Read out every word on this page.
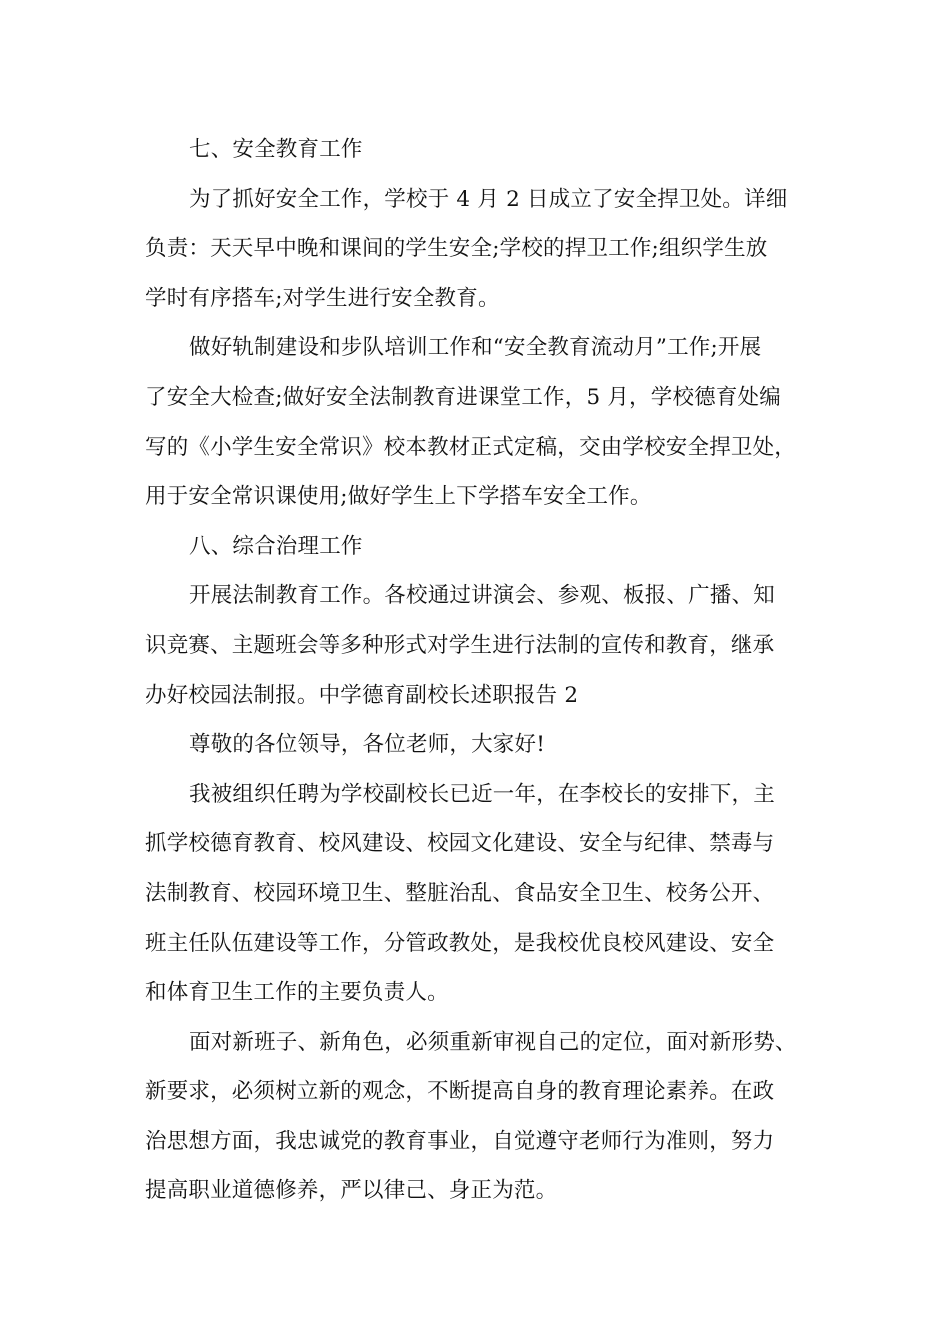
七、安全教育工作
为了抓好安全工作，学校于 4 月 2 日成立了安全捍卫处。详细
负责：天天早中晚和课间的学生安全;学校的捍卫工作;组织学生放
学时有序搭车;对学生进行安全教育。
做好轨制建设和步队培训工作和“安全教育流动月”工作;开展
了安全大检查;做好安全法制教育进课堂工作，5 月，学校德育处编
写的《小学生安全常识》校本教材正式定稿，交由学校安全捍卫处，
用于安全常识课使用;做好学生上下学搭车安全工作。
八、综合治理工作
开展法制教育工作。各校通过讲演会、参观、板报、广播、知
识竞赛、主题班会等多种形式对学生进行法制的宣传和教育，继承
办好校园法制报。中学德育副校长述职报告 2
尊敬的各位领导，各位老师，大家好!
我被组织任聘为学校副校长已近一年，在李校长的安排下，主
抓学校德育教育、校风建设、校园文化建设、安全与纪律、禁毒与
法制教育、校园环境卫生、整脏治乱、食品安全卫生、校务公开、
班主任队伍建设等工作，分管政教处，是我校优良校风建设、安全
和体育卫生工作的主要负责人。
面对新班子、新角色，必须重新审视自己的定位，面对新形势、
新要求，必须树立新的观念，不断提高自身的教育理论素养。在政
治思想方面，我忠诚党的教育事业，自觉遵守老师行为准则，努力
提高职业道德修养，严以律己、身正为范。
